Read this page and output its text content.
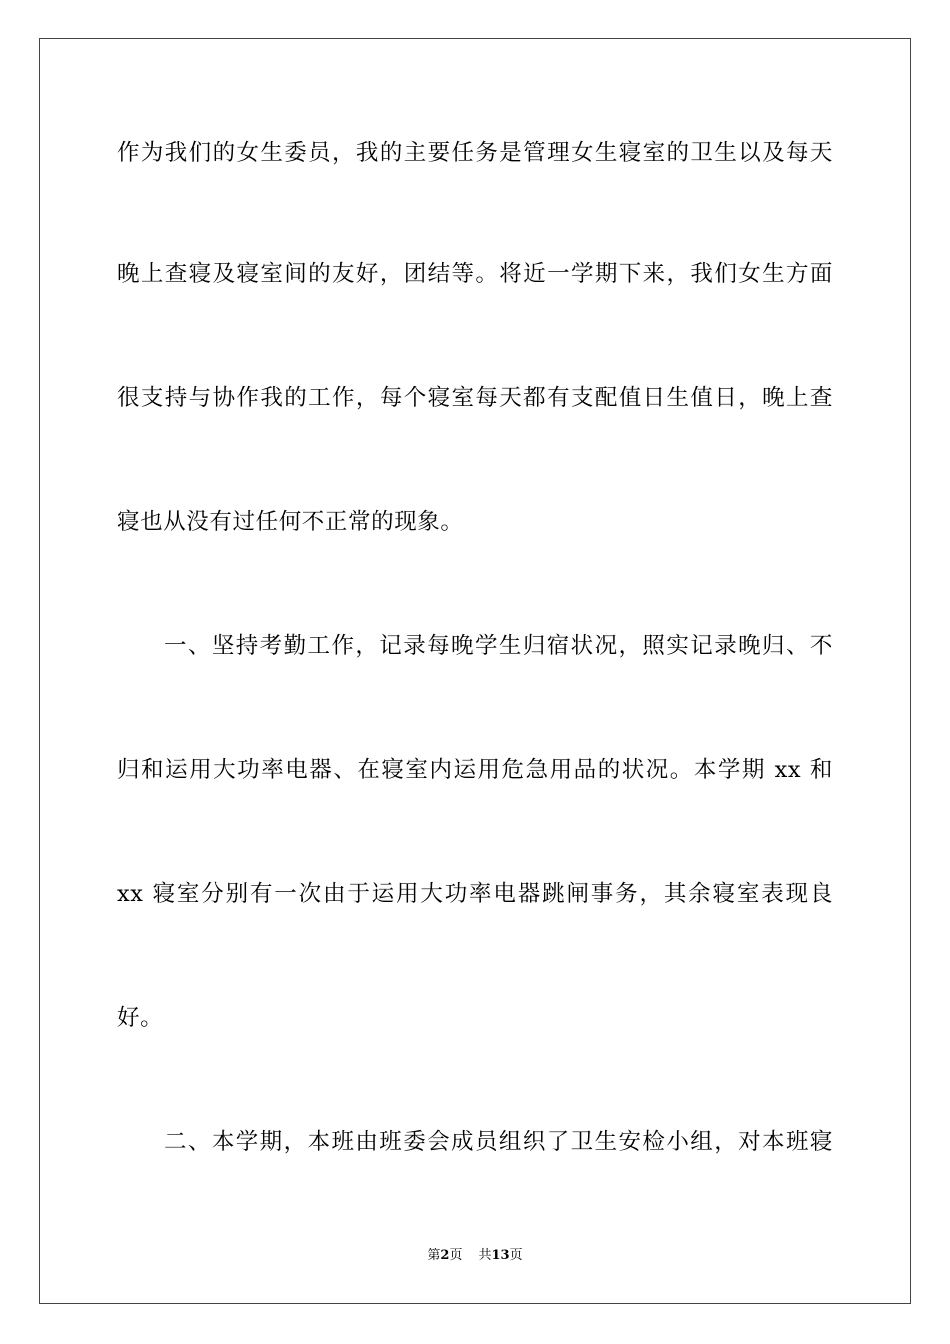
作为我们的女生委员，我的主要任务是管理女生寝室的卫生以及每天
晚上查寝及寝室间的友好，团结等。将近一学期下来，我们女生方面
很支持与协作我的工作，每个寝室每天都有支配值日生值日，晚上查
寝也从没有过任何不正常的现象。
一、坚持考勤工作，记录每晚学生归宿状况，照实记录晚归、不
归和运用大功率电器、在寝室内运用危急用品的状况。本学期 xx 和
xx 寝室分别有一次由于运用大功率电器跳闸事务，其余寝室表现良
好。
二、本学期，本班由班委会成员组织了卫生安检小组，对本班寝
第2页 共13页
